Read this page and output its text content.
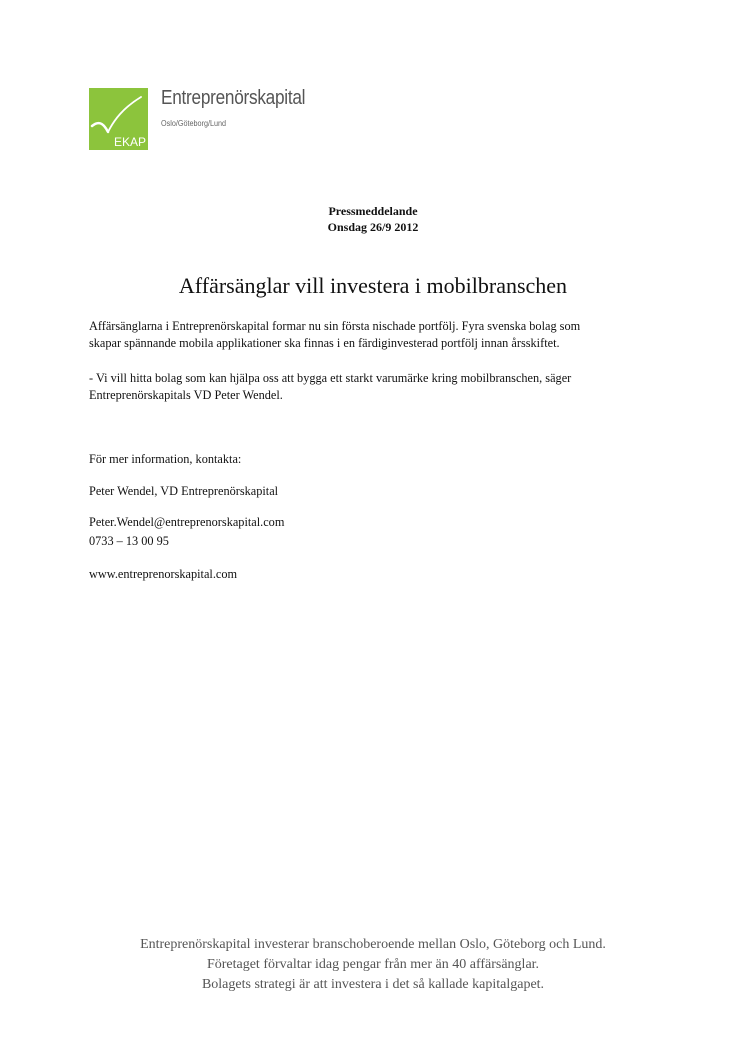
EKAP
Entreprenörskapital
Oslo/Göteborg/Lund
Pressmeddelande
Onsdag 26/9 2012
Affärsänglar vill investera i mobilbranschen
Affärsänglarna i Entreprenörskapital formar nu sin första nischade portfölj. Fyra svenska bolag som
skapar spännande mobila applikationer ska finnas i en färdiginvesterad portfölj innan årsskiftet.
- Vi vill hitta bolag som kan hjälpa oss att bygga ett starkt varumärke kring mobilbranschen, säger
Entreprenörskapitals VD Peter Wendel.
För mer information, kontakta:
Peter Wendel, VD Entreprenörskapital
Peter.Wendel@entreprenorskapital.com
0733 – 13 00 95
www.entreprenorskapital.com
Entreprenörskapital investerar branschoberoende mellan Oslo, Göteborg och Lund.
Företaget förvaltar idag pengar från mer än 40 affärsänglar.
Bolagets strategi är att investera i det så kallade kapitalgapet.
